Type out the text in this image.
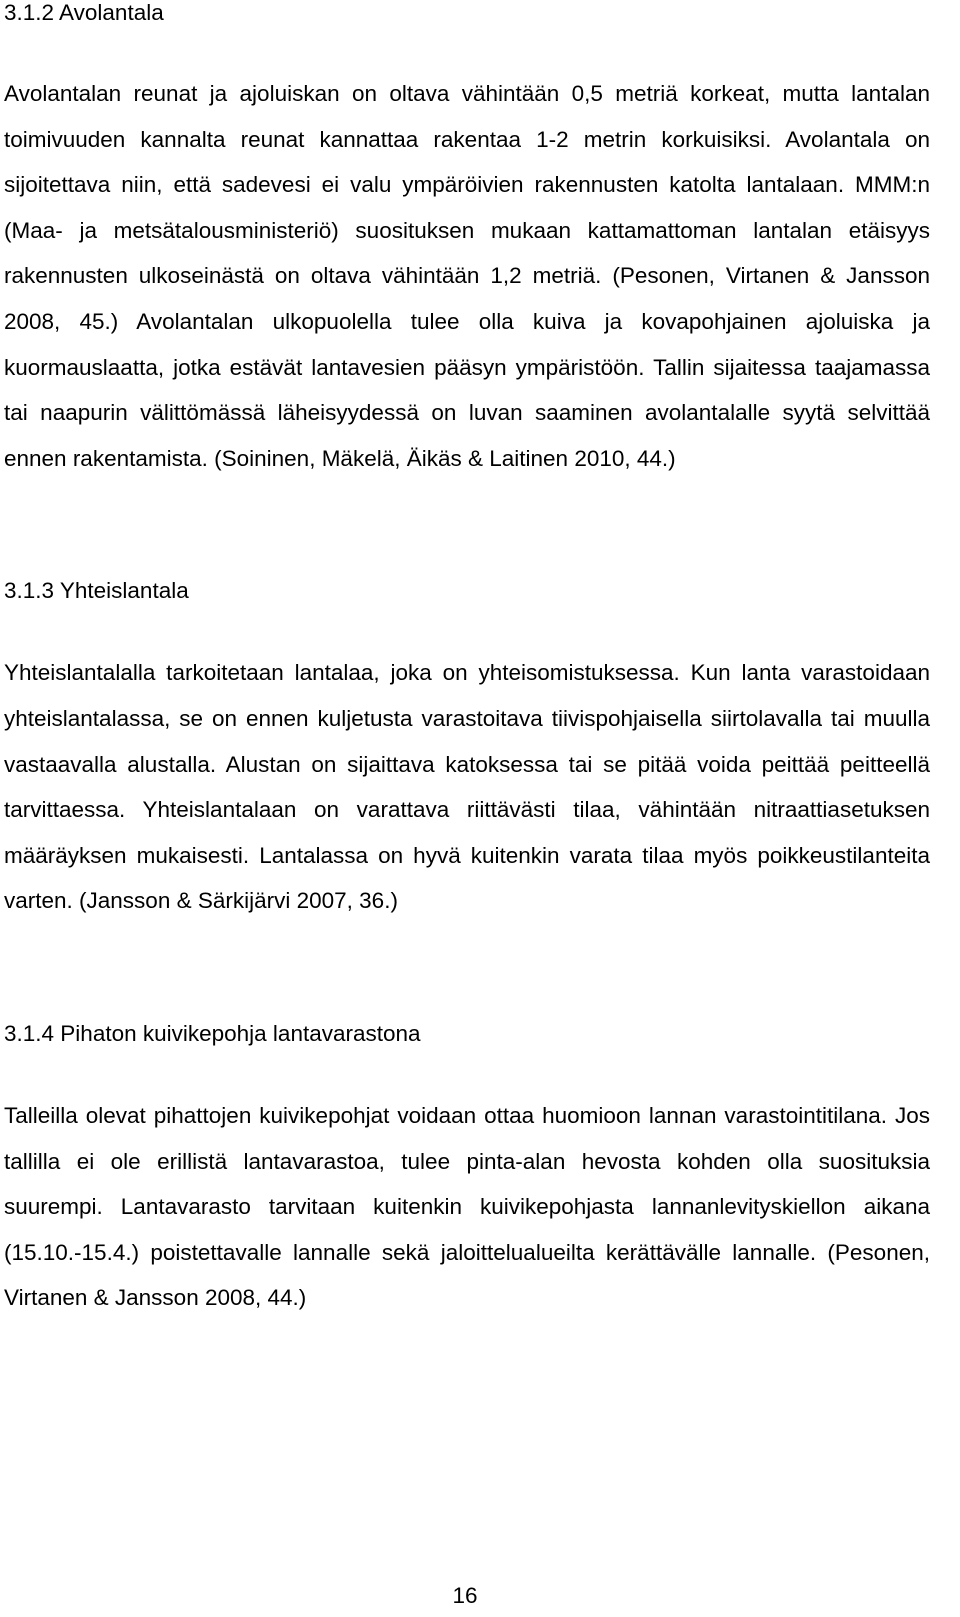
3.1.2 Avolantala

Avolantalan reunat ja ajoluiskan on oltava vähintään 0,5 metriä korkeat, mutta lantalan toimivuuden kannalta reunat kannattaa rakentaa 1-2 metrin korkuisiksi. Avolantala on sijoitettava niin, että sadevesi ei valu ympäröivien rakennusten katolta lantalaan. MMM:n (Maa- ja metsätalousministeriö) suosituksen mukaan kattamattoman lantalan etäisyys rakennusten ulkoseinästä on oltava vähintään 1,2 metriä. (Pesonen, Virtanen & Jansson 2008, 45.) Avolantalan ulkopuolella tulee olla kuiva ja kovapohjainen ajoluiska ja kuormauslaatta, jotka estävät lantavesien pääsyn ympäristöön. Tallin sijaitessa taajamassa tai naapurin välittömässä läheisyydessä on luvan saaminen avolantalalle syytä selvittää ennen rakentamista. (Soininen, Mäkelä, Äikäs & Laitinen 2010, 44.)

3.1.3 Yhteislantala

Yhteislantalalla tarkoitetaan lantalaa, joka on yhteisomistuksessa. Kun lanta varastoidaan yhteislantalassa, se on ennen kuljetusta varastoitava tiivispohjaisella siirtolavalla tai muulla vastaavalla alustalla. Alustan on sijaittava katoksessa tai se pitää voida peittää peitteellä tarvittaessa. Yhteislantalaan on varattava riittävästi tilaa, vähintään nitraattiasetuksen määräyksen mukaisesti. Lantalassa on hyvä kuitenkin varata tilaa myös poikkeustilanteita varten. (Jansson & Särkijärvi 2007, 36.)

3.1.4 Pihaton kuivikepohja lantavarastona

Talleilla olevat pihattojen kuivikepohjat voidaan ottaa huomioon lannan varastointitilana. Jos tallilla ei ole erillistä lantavarastoa, tulee pinta-alan hevosta kohden olla suosituksia suurempi. Lantavarasto tarvitaan kuitenkin kuivikepohjasta lannanlevityskiellon aikana (15.10.-15.4.) poistettavalle lannalle sekä jaloittelualueilta kerättävälle lannalle. (Pesonen, Virtanen & Jansson 2008, 44.)

16
